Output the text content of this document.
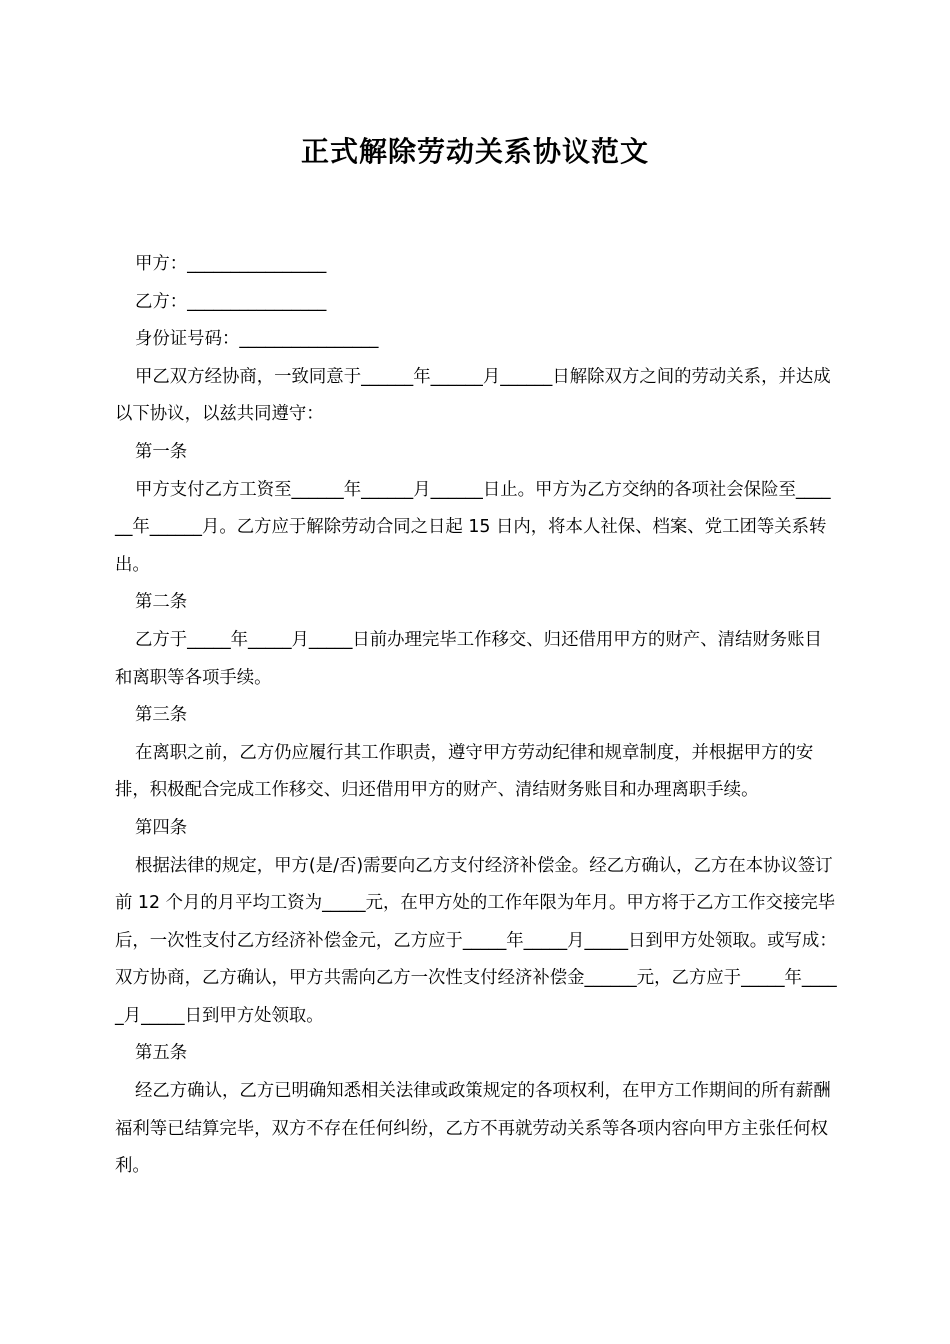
正式解除劳动关系协议范文

甲方：________________

乙方：________________

身份证号码：________________

甲乙双方经协商，一致同意于______年______月______日解除双方之间的劳动关系，并达成以下协议，以兹共同遵守：

第一条

甲方支付乙方工资至______年______月______日止。甲方为乙方交纳的各项社会保险至______年______月。乙方应于解除劳动合同之日起 15 日内，将本人社保、档案、党工团等关系转出。

第二条

乙方于_____年_____月_____日前办理完毕工作移交、归还借用甲方的财产、清结财务账目和离职等各项手续。

第三条

在离职之前，乙方仍应履行其工作职责，遵守甲方劳动纪律和规章制度，并根据甲方的安排，积极配合完成工作移交、归还借用甲方的财产、清结财务账目和办理离职手续。

第四条

根据法律的规定，甲方(是/否)需要向乙方支付经济补偿金。经乙方确认，乙方在本协议签订前 12 个月的月平均工资为_____元，在甲方处的工作年限为年月。甲方将于乙方工作交接完毕后，一次性支付乙方经济补偿金元，乙方应于_____年_____月_____日到甲方处领取。或写成：双方协商，乙方确认，甲方共需向乙方一次性支付经济补偿金______元，乙方应于_____年_____月_____日到甲方处领取。

第五条

经乙方确认，乙方已明确知悉相关法律或政策规定的各项权利，在甲方工作期间的所有薪酬福利等已结算完毕，双方不存在任何纠纷，乙方不再就劳动关系等各项内容向甲方主张任何权利。
